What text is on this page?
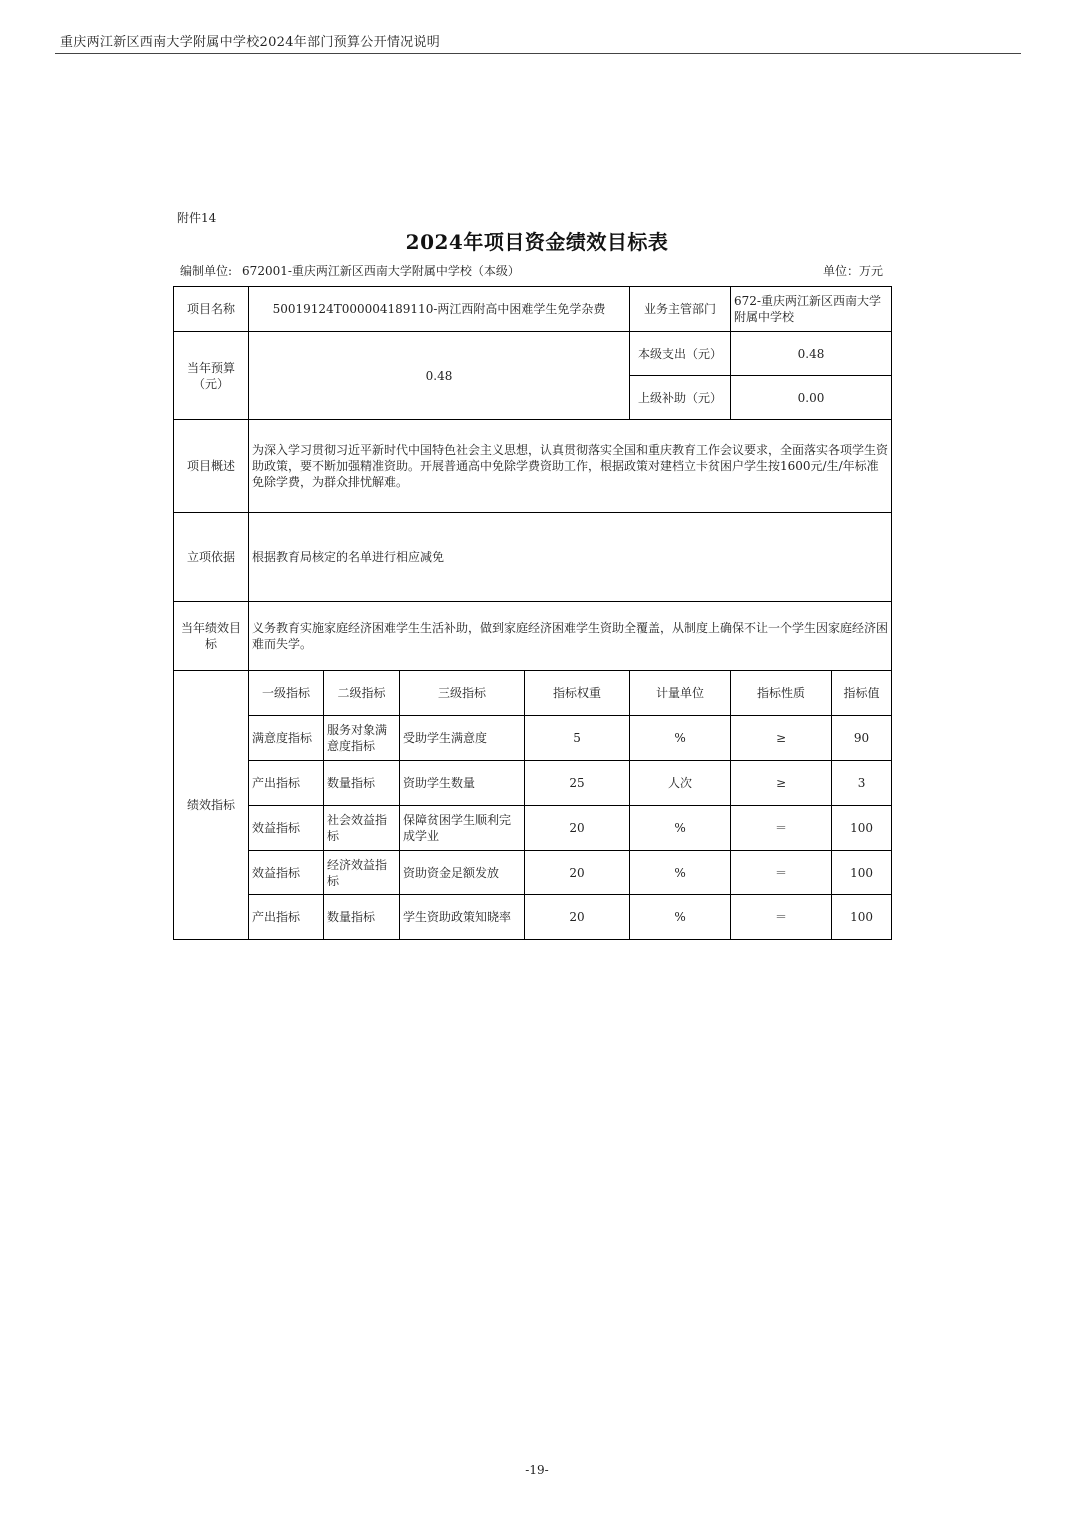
重庆两江新区西南大学附属中学校2024年部门预算公开情况说明
附件14
2024年项目资金绩效目标表
编制单位: 672001-重庆两江新区西南大学附属中学校（本级）	单位：万元
项目名称	50019124T000004189110-两江西附高中困难学生免学杂费				业务主管部门	672-重庆两江新区西南大学附属中学校	
当年预算（元）	0.48				本级支出（元）	0.48	
					上级补助（元）	0.00	
项目概述	为深入学习贯彻习近平新时代中国特色社会主义思想，认真贯彻落实全国和重庆教育工作会议要求，全面落实各项学生资助政策，要不断加强精准资助。开展普通高中免除学费资助工作，根据政策对建档立卡贫困户学生按1600元/生/年标准免除学费，为群众排忧解难。						
立项依据	根据教育局核定的名单进行相应减免						
当年绩效目标	义务教育实施家庭经济困难学生生活补助，做到家庭经济困难学生资助全覆盖，从制度上确保不让一个学生因家庭经济困难而失学。						
绩效指标	一级指标	二级指标	三级指标	指标权重	计量单位	指标性质	指标值
	满意度指标	服务对象满意度指标	受助学生满意度	5	%	≥	90
	产出指标	数量指标	资助学生数量	25	人次	≥	3
	效益指标	社会效益指标	保障贫困学生顺利完成学业	20	%	＝	100
	效益指标	经济效益指标	资助资金足额发放	20	%	＝	100
	产出指标	数量指标	学生资助政策知晓率	20	%	＝	100
-19-
